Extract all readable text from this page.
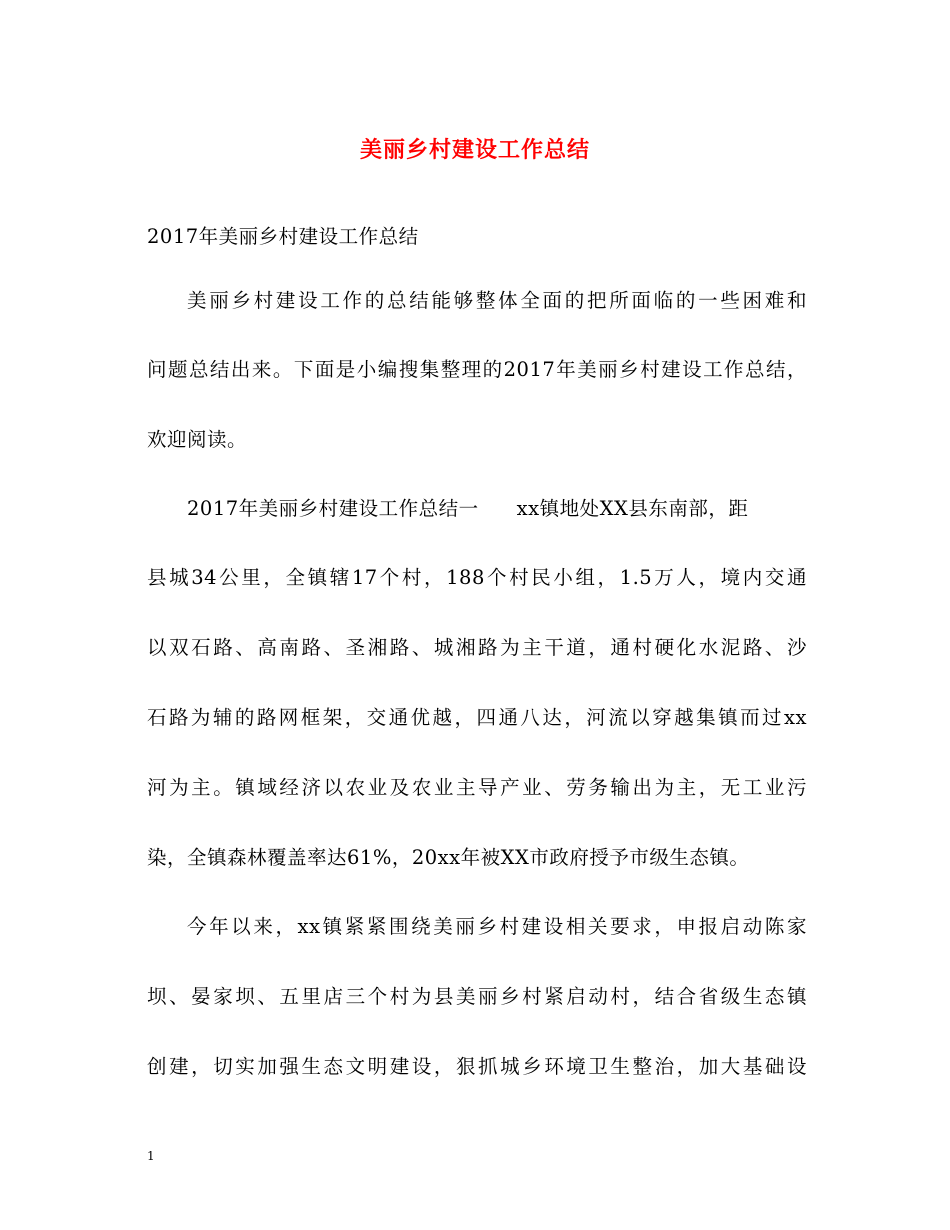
美丽乡村建设工作总结
2017年美丽乡村建设工作总结
美丽乡村建设工作的总结能够整体全面的把所面临的一些困难和
问题总结出来。下面是小编搜集整理的2017年美丽乡村建设工作总结，
欢迎阅读。
2017年美丽乡村建设工作总结一 xx镇地处XX县东南部，距
县城34公里，全镇辖17个村，188个村民小组，1.5万人，境内交通
以双石路、高南路、圣湘路、城湘路为主干道，通村硬化水泥路、沙
石路为辅的路网框架，交通优越，四通八达，河流以穿越集镇而过xx
河为主。镇域经济以农业及农业主导产业、劳务输出为主，无工业污
染，全镇森林覆盖率达61%，20xx年被XX市政府授予市级生态镇。
今年以来，xx镇紧紧围绕美丽乡村建设相关要求，申报启动陈家
坝、晏家坝、五里店三个村为县美丽乡村紧启动村，结合省级生态镇
创建，切实加强生态文明建设，狠抓城乡环境卫生整治，加大基础设
1
